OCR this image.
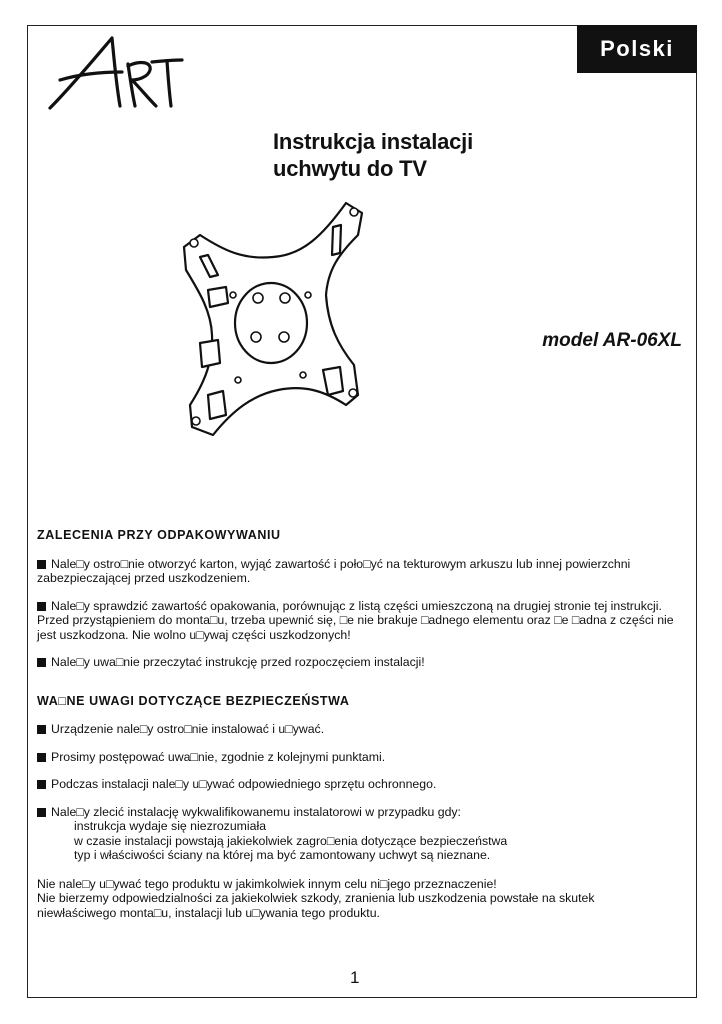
Polski
Instrukcja instalacji
uchwytu do TV
model AR-06XL
ZALECENIA PRZY ODPAKOWYWANIU
Nale□y ostro□nie otworzyć karton, wyjąć zawartość i poło□yć na tekturowym arkuszu lub innej powierzchni zabezpieczającej przed uszkodzeniem.
Nale□y sprawdzić zawartość opakowania, porównując z listą części umieszczoną na drugiej stronie tej instrukcji. Przed przystąpieniem do monta□u, trzeba upewnić się, □e nie brakuje □adnego elementu oraz □e □adna z części nie jest uszkodzona. Nie wolno u□ywaj części uszkodzonych!
Nale□y uwa□nie przeczytać instrukcję przed rozpoczęciem instalacji!
WA□NE UWAGI DOTYCZĄCE BEZPIECZEŃSTWA
Urządzenie nale□y ostro□nie instalować i u□ywać.
Prosimy postępować uwa□nie, zgodnie z kolejnymi punktami.
Podczas instalacji nale□y u□ywać odpowiedniego sprzętu ochronnego.
Nale□y zlecić instalację wykwalifikowanemu instalatorowi w przypadku gdy:
instrukcja wydaje się niezrozumiała
w czasie instalacji powstają jakiekolwiek zagro□enia dotyczące bezpieczeństwa
typ i właściwości ściany na której ma być zamontowany uchwyt są nieznane.
Nie nale□y u□ywać tego produktu w jakimkolwiek innym celu ni□jego przeznaczenie!
Nie bierzemy odpowiedzialności za jakiekolwiek szkody, zranienia lub uszkodzenia powstałe na skutek niewłaściwego monta□u, instalacji lub u□ywania tego produktu.
1
